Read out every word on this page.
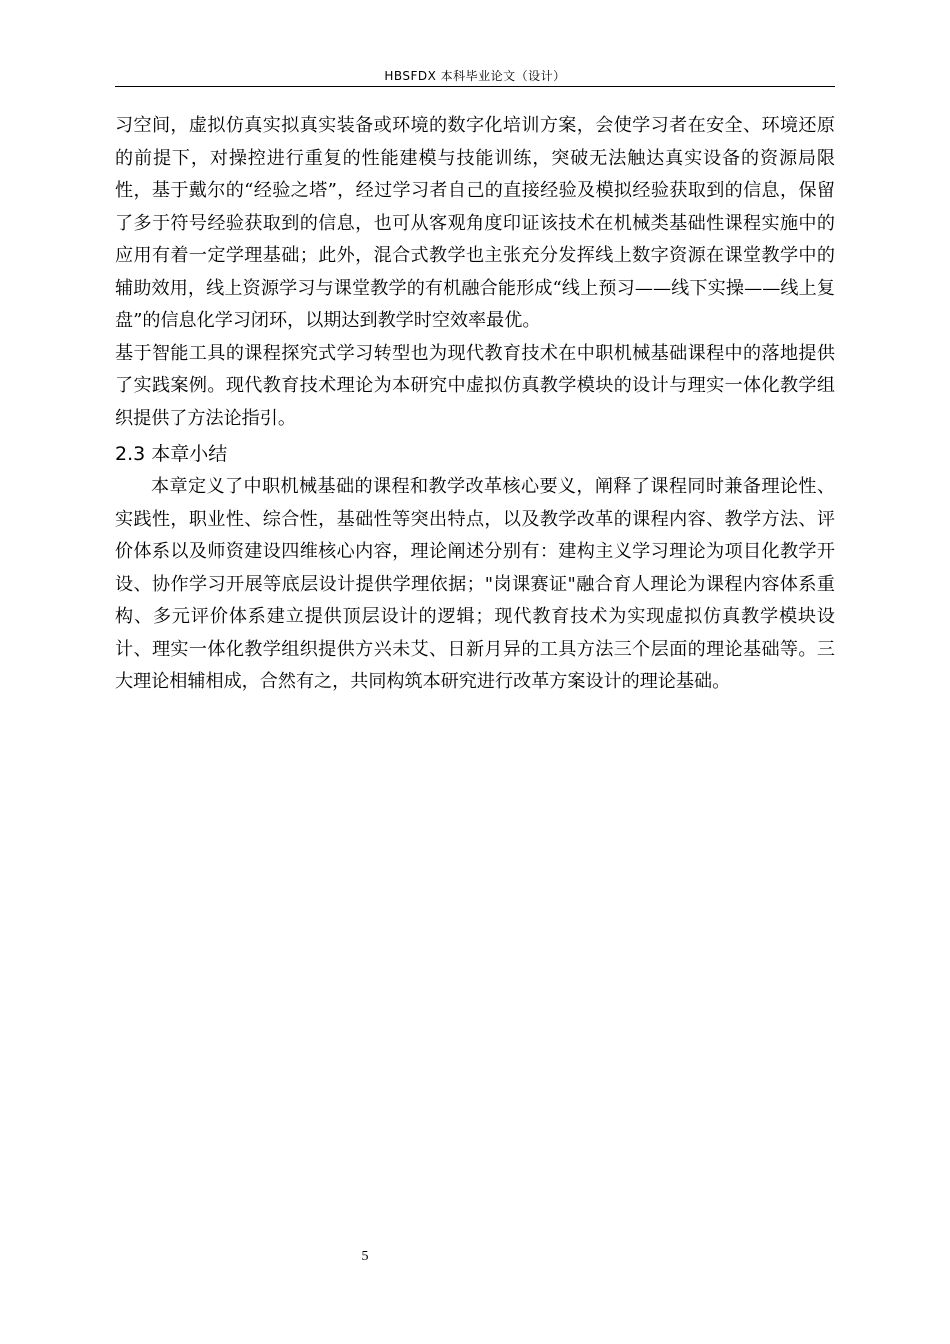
HBSFDX 本科毕业论文（设计）

习空间，虚拟仿真实拟真实装备或环境的数字化培训方案，会使学习者在安全、环境还原的前提下，对操控进行重复的性能建模与技能训练，突破无法触达真实设备的资源局限性，基于戴尔的“经验之塔”，经过学习者自己的直接经验及模拟经验获取到的信息，保留了多于符号经验获取到的信息，也可从客观角度印证该技术在机械类基础性课程实施中的应用有着一定学理基础；此外，混合式教学也主张充分发挥线上数字资源在课堂教学中的辅助效用，线上资源学习与课堂教学的有机融合能形成“线上预习——线下实操——线上复盘”的信息化学习闭环，以期达到教学时空效率最优。

基于智能工具的课程探究式学习转型也为现代教育技术在中职机械基础课程中的落地提供了实践案例。现代教育技术理论为本研究中虚拟仿真教学模块的设计与理实一体化教学组织提供了方法论指引。

2.3 本章小结

本章定义了中职机械基础的课程和教学改革核心要义，阐释了课程同时兼备理论性、实践性，职业性、综合性，基础性等突出特点，以及教学改革的课程内容、教学方法、评价体系以及师资建设四维核心内容，理论阐述分别有：建构主义学习理论为项目化教学开设、协作学习开展等底层设计提供学理依据；"岗课赛证"融合育人理论为课程内容体系重构、多元评价体系建立提供顶层设计的逻辑；现代教育技术为实现虚拟仿真教学模块设计、理实一体化教学组织提供方兴未艾、日新月异的工具方法三个层面的理论基础等。三大理论相辅相成，合然有之，共同构筑本研究进行改革方案设计的理论基础。

5
